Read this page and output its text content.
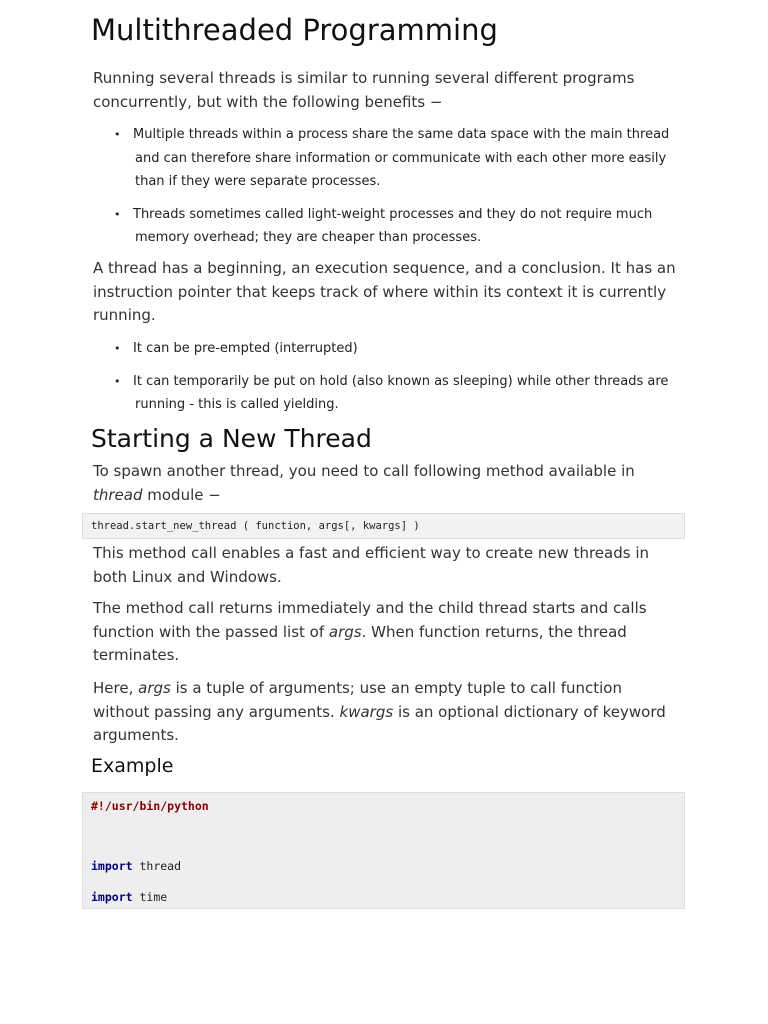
Multithreaded Programming

Running several threads is similar to running several different programs concurrently, but with the following benefits −

• Multiple threads within a process share the same data space with the main thread and can therefore share information or communicate with each other more easily than if they were separate processes.
• Threads sometimes called light-weight processes and they do not require much memory overhead; they are cheaper than processes.

A thread has a beginning, an execution sequence, and a conclusion. It has an instruction pointer that keeps track of where within its context it is currently running.

• It can be pre-empted (interrupted)
• It can temporarily be put on hold (also known as sleeping) while other threads are running - this is called yielding.
Starting a New Thread

To spawn another thread, you need to call following method available in thread module −

thread.start_new_thread ( function, args[, kwargs] )

This method call enables a fast and efficient way to create new threads in both Linux and Windows.

The method call returns immediately and the child thread starts and calls function with the passed list of args. When function returns, the thread terminates.

Here, args is a tuple of arguments; use an empty tuple to call function without passing any arguments. kwargs is an optional dictionary of keyword arguments.

Example
#!/usr/bin/python
import thread
import time
